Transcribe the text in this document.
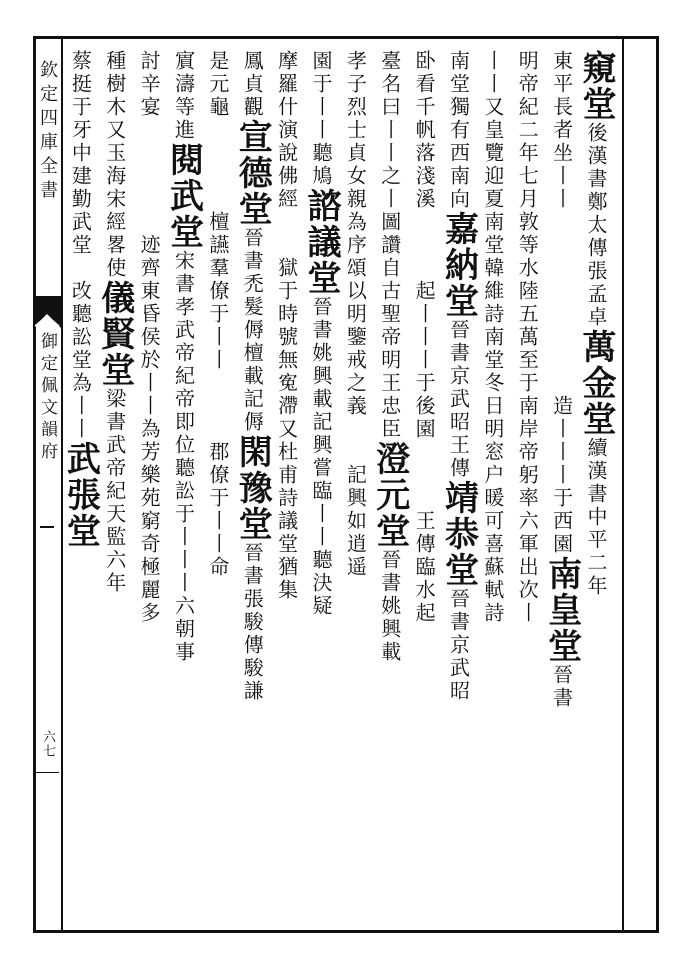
欽定四庫全書
御定佩文韻府
六七
窺堂後漢書鄭太傳張孟卓萬金堂續漢書中平二年
東平長者坐丨丨　　　　　　　　造丨丨丨于西園南皇堂晉書
明帝紀二年七月敦等水陸五萬至于南岸帝躬率六軍出次丨
丨丨又皇覽迎夏南堂韓維詩南堂冬日明窓户暖可喜蘇軾詩
南堂獨有西南向嘉納堂晉書京武昭王傳靖恭堂晉書京武昭
卧看千帆落淺溪　　　起丨丨丨于後園　　　王傳臨水起
臺名曰丨丨之丨圖讚自古聖帝明王忠臣澄元堂晉書姚興載
孝子烈士貞女親為序頌以明鑒戒之義　　記興如逍遥
園于丨丨聽鳩諮議堂晉書姚興載記興嘗臨丨丨聽決疑
摩羅什演說佛經　　獄于時號無寃滯又杜甫詩議堂猶集
鳳貞觀宣德堂晉書禿髮傉檀載記傉閑豫堂晉書張駿傳駿謙
是元龜　　　　檀讌羣僚于丨丨　　　郡僚于丨丨命
賔濤等進閱武堂宋書孝武帝紀帝即位聽訟于丨丨丨六朝事
討辛宴　　　　　迹齊東昏侯於丨丨為芳樂苑窮奇極麗多
種樹木又玉海宋經畧使儀賢堂梁書武帝紀天監六年
蔡挺于牙中建勤武堂　改聽訟堂為丨丨武張堂
